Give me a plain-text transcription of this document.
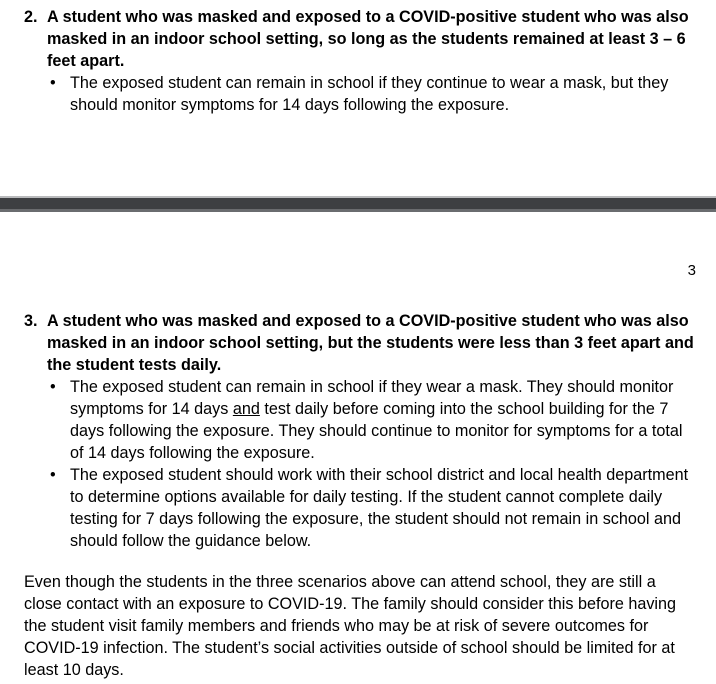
2. A student who was masked and exposed to a COVID-positive student who was also masked in an indoor school setting, so long as the students remained at least 3 – 6 feet apart.
• The exposed student can remain in school if they continue to wear a mask, but they should monitor symptoms for 14 days following the exposure.
3
3. A student who was masked and exposed to a COVID-positive student who was also masked in an indoor school setting, but the students were less than 3 feet apart and the student tests daily.
• The exposed student can remain in school if they wear a mask. They should monitor symptoms for 14 days and test daily before coming into the school building for the 7 days following the exposure. They should continue to monitor for symptoms for a total of 14 days following the exposure.
• The exposed student should work with their school district and local health department to determine options available for daily testing. If the student cannot complete daily testing for 7 days following the exposure, the student should not remain in school and should follow the guidance below.

Even though the students in the three scenarios above can attend school, they are still a close contact with an exposure to COVID-19. The family should consider this before having the student visit family members and friends who may be at risk of severe outcomes for COVID-19 infection. The student’s social activities outside of school should be limited for at least 10 days.
